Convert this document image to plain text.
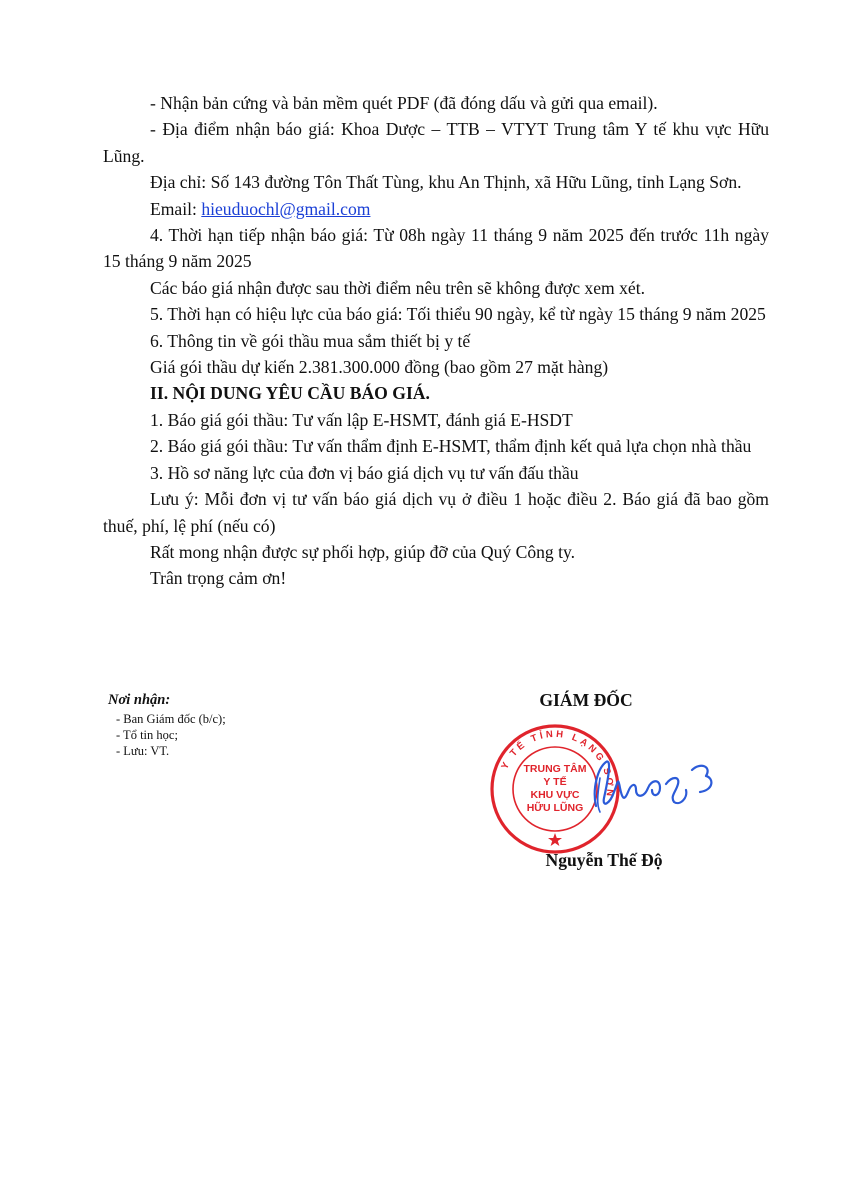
- Nhận bản cứng và bản mềm quét PDF (đã đóng dấu và gửi qua email).

- Địa điểm nhận báo giá: Khoa Dược – TTB – VTYT Trung tâm Y tế khu vực Hữu Lũng.

Địa chỉ: Số 143 đường Tôn Thất Tùng, khu An Thịnh, xã Hữu Lũng, tỉnh Lạng Sơn.

Email: hieuduochl@gmail.com

4. Thời hạn tiếp nhận báo giá: Từ 08h ngày 11 tháng 9 năm 2025 đến trước 11h ngày 15 tháng 9 năm 2025

Các báo giá nhận được sau thời điểm nêu trên sẽ không được xem xét.

5. Thời hạn có hiệu lực của báo giá: Tối thiểu 90 ngày, kể từ ngày 15 tháng 9 năm 2025

6. Thông tin về gói thầu mua sắm thiết bị y tế

Giá gói thầu dự kiến 2.381.300.000 đồng (bao gồm 27 mặt hàng)

II. NỘI DUNG YÊU CẦU BÁO GIÁ.

1. Báo giá gói thầu: Tư vấn lập E-HSMT, đánh giá E-HSDT

2. Báo giá gói thầu: Tư vấn thẩm định E-HSMT, thẩm định kết quả lựa chọn nhà thầu

3. Hồ sơ năng lực của đơn vị báo giá dịch vụ tư vấn đấu thầu

Lưu ý: Mỗi đơn vị tư vấn báo giá dịch vụ ở điều 1 hoặc điều 2. Báo giá đã bao gồm thuế, phí, lệ phí (nếu có)

Rất mong nhận được sự phối hợp, giúp đỡ của Quý Công ty.

Trân trọng cảm ơn!

Nơi nhận:

- Ban Giám đốc (b/c);
- Tổ tin học;
- Lưu: VT.
GIÁM ĐỐC
Y TẾ TỈNH LẠNG SƠN
TRUNG TÂM
Y TẾ
KHU VỰC
HỮU LŨNG
Nguyễn Thế Độ
